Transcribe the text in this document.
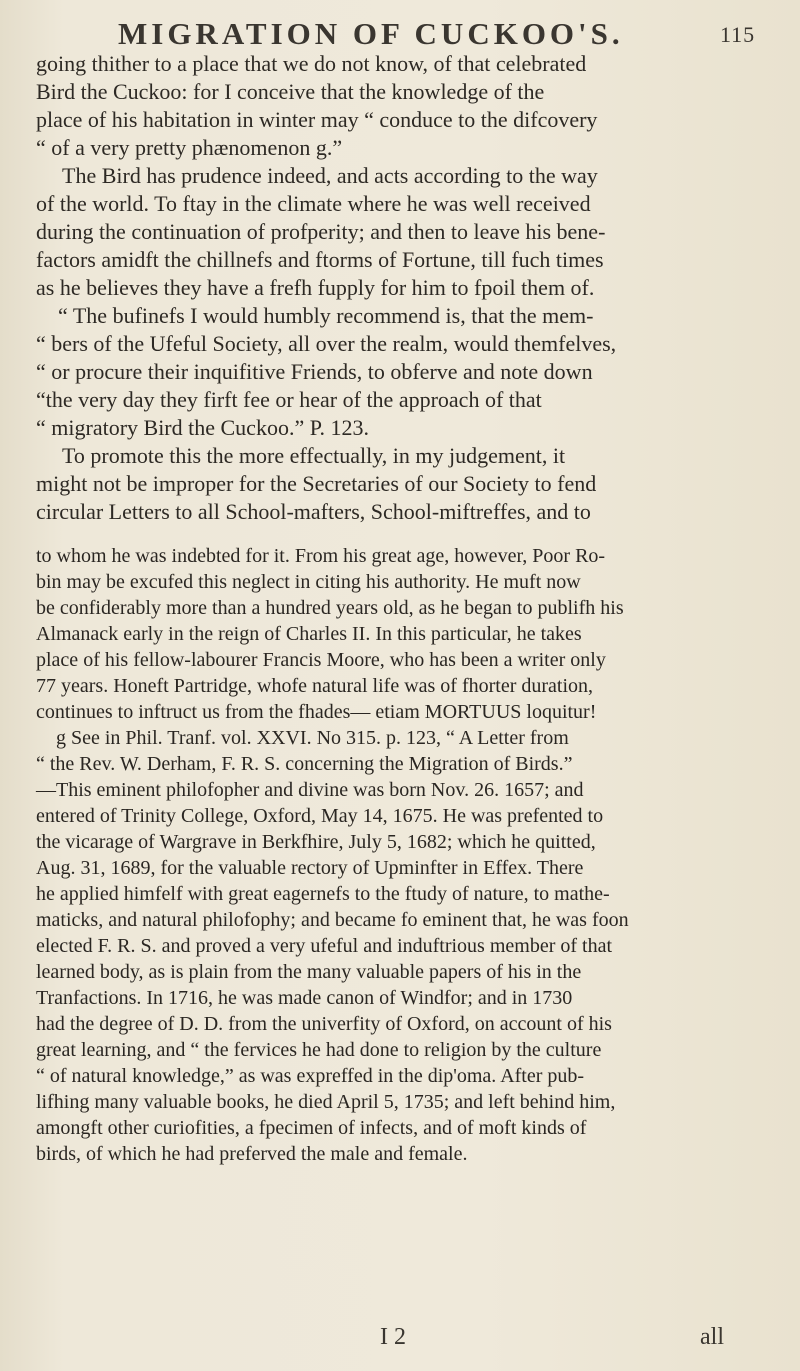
MIGRATION OF CUCKOO'S.	115
going thither to a place that we do not know, of that celebrated
Bird the Cuckoo: for I conceive that the knowledge of the
place of his habitation in winter may “ conduce to the difcovery
“ of a very pretty phænomenon g.”
The Bird has prudence indeed, and acts according to the way
of the world. To ftay in the climate where he was well received
during the continuation of profperity; and then to leave his bene-
factors amidft the chillnefs and ftorms of Fortune, till fuch times
as he believes they have a frefh fupply for him to fpoil them of.
“ The bufinefs I would humbly recommend is, that the mem-
“ bers of the Ufeful Society, all over the realm, would themfelves,
“ or procure their inquifitive Friends, to obferve and note down
“the very day they firft fee or hear of the approach of that
“ migratory Bird the Cuckoo.” P. 123.
To promote this the more effectually, in my judgement, it
might not be improper for the Secretaries of our Society to fend
circular Letters to all School-mafters, School-miftreffes, and to
to whom he was indebted for it. From his great age, however, Poor Ro-
bin may be excufed this neglect in citing his authority. He muft now
be confiderably more than a hundred years old, as he began to publifh his
Almanack early in the reign of Charles II. In this particular, he takes
place of his fellow-labourer Francis Moore, who has been a writer only
77 years. Honeft Partridge, whofe natural life was of fhorter duration,
continues to inftruct us from the fhades— etiam MORTUUS loquitur!
g See in Phil. Tranf. vol. XXVI. No 315. p. 123, “ A Letter from
“ the Rev. W. Derham, F. R. S. concerning the Migration of Birds.”
—This eminent philofopher and divine was born Nov. 26. 1657; and
entered of Trinity College, Oxford, May 14, 1675. He was prefented to
the vicarage of Wargrave in Berkfhire, July 5, 1682; which he quitted,
Aug. 31, 1689, for the valuable rectory of Upminfter in Effex. There
he applied himfelf with great eagernefs to the ftudy of nature, to mathe-
maticks, and natural philofophy; and became fo eminent that, he was foon
elected F. R. S. and proved a very ufeful and induftrious member of that
learned body, as is plain from the many valuable papers of his in the
Tranfactions. In 1716, he was made canon of Windfor; and in 1730
had the degree of D. D. from the univerfity of Oxford, on account of his
great learning, and “ the fervices he had done to religion by the culture
“ of natural knowledge,” as was expreffed in the dip'oma. After pub-
lifhing many valuable books, he died April 5, 1735; and left behind him,
amongft other curiofities, a fpecimen of infects, and of moft kinds of
birds, of which he had preferved the male and female.
I 2	all
